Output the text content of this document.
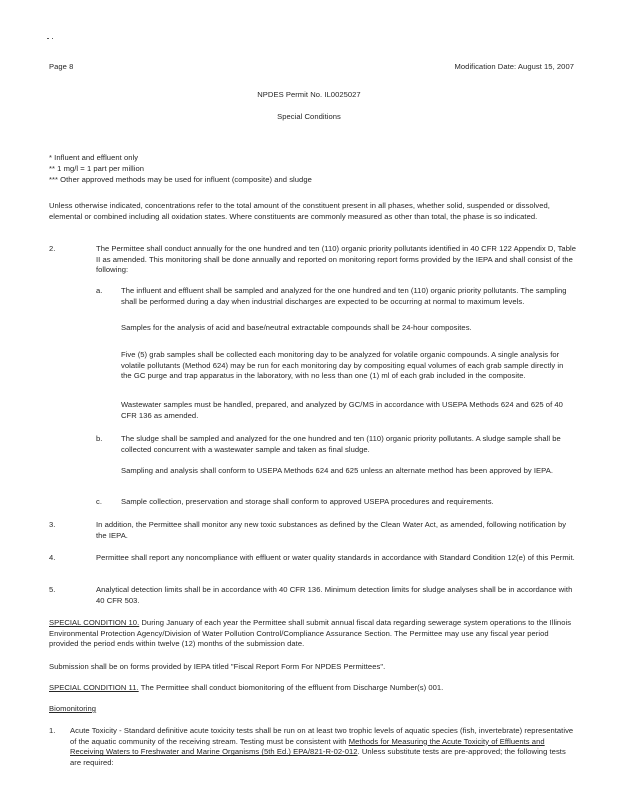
Page 8	Modification Date: August 15, 2007
NPDES Permit No. IL0025027
Special Conditions
* Influent and effluent only
** 1 mg/l = 1 part per million
*** Other approved methods may be used for influent (composite) and sludge
Unless otherwise indicated, concentrations refer to the total amount of the constituent present in all phases, whether solid, suspended or dissolved, elemental or combined including all oxidation states. Where constituents are commonly measured as other than total, the phase is so indicated.
2.	The Permittee shall conduct annually for the one hundred and ten (110) organic priority pollutants identified in 40 CFR 122 Appendix D, Table II as amended. This monitoring shall be done annually and reported on monitoring report forms provided by the IEPA and shall consist of the following:
a. The influent and effluent shall be sampled and analyzed for the one hundred and ten (110) organic priority pollutants. The sampling shall be performed during a day when industrial discharges are expected to be occurring at normal to maximum levels.
Samples for the analysis of acid and base/neutral extractable compounds shall be 24-hour composites.
Five (5) grab samples shall be collected each monitoring day to be analyzed for volatile organic compounds. A single analysis for volatile pollutants (Method 624) may be run for each monitoring day by compositing equal volumes of each grab sample directly in the GC purge and trap apparatus in the laboratory, with no less than one (1) ml of each grab included in the composite.
Wastewater samples must be handled, prepared, and analyzed by GC/MS in accordance with USEPA Methods 624 and 625 of 40 CFR 136 as amended.
b. The sludge shall be sampled and analyzed for the one hundred and ten (110) organic priority pollutants. A sludge sample shall be collected concurrent with a wastewater sample and taken as final sludge.
Sampling and analysis shall conform to USEPA Methods 624 and 625 unless an alternate method has been approved by IEPA.
c. Sample collection, preservation and storage shall conform to approved USEPA procedures and requirements.
3.	In addition, the Permittee shall monitor any new toxic substances as defined by the Clean Water Act, as amended, following notification by the IEPA.
4.	Permittee shall report any noncompliance with effluent or water quality standards in accordance with Standard Condition 12(e) of this Permit.
5.	Analytical detection limits shall be in accordance with 40 CFR 136. Minimum detection limits for sludge analyses shall be in accordance with 40 CFR 503.
SPECIAL CONDITION 10. During January of each year the Permittee shall submit annual fiscal data regarding sewerage system operations to the Illinois Environmental Protection Agency/Division of Water Pollution Control/Compliance Assurance Section. The Permittee may use any fiscal year period provided the period ends within twelve (12) months of the submission date.
Submission shall be on forms provided by IEPA titled "Fiscal Report Form For NPDES Permittees".
SPECIAL CONDITION 11. The Permittee shall conduct biomonitoring of the effluent from Discharge Number(s) 001.
Biomonitoring
1. Acute Toxicity - Standard definitive acute toxicity tests shall be run on at least two trophic levels of aquatic species (fish, invertebrate) representative of the aquatic community of the receiving stream. Testing must be consistent with Methods for Measuring the Acute Toxicity of Effluents and Receiving Waters to Freshwater and Marine Organisms (5th Ed.) EPA/821-R-02-012. Unless substitute tests are pre-approved; the following tests are required:
